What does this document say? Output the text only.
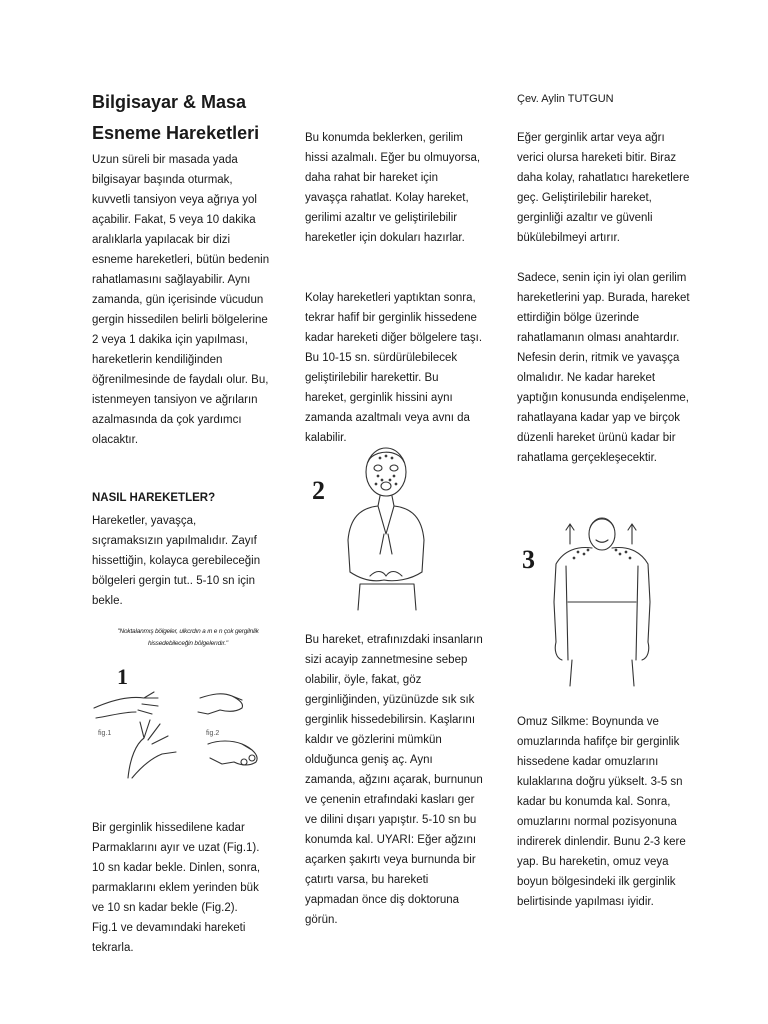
Bilgisayar & Masa
Esneme Hareketleri

Uzun süreli bir masada yada bilgisayar başında oturmak, kuvvetli tansiyon veya ağrıya yol açabilir. Fakat, 5 veya 10 dakika aralıklarla yapılacak bir dizi esneme hareketleri, bütün bedenin rahatlamasını sağlayabilir. Aynı zamanda, gün içerisinde vücudun gergin hissedilen belirli bölgelerine 2 veya 1 dakika için yapılması, hareketlerin kendiliğinden öğrenilmesinde de faydalı olur. Bu, istenmeyen tansiyon ve ağrıların azalmasında da çok yardımcı olacaktır.

NASIL HAREKETLER?

Hareketler, yavaşça, sıçramaksızın yapılmalıdır. Zayıf hissettiğin, kolayca gerebileceğin bölgeleri gergin tut.. 5-10 sn için bekle.

"Noktalanmış bölgeler, ulkcrdın a ın e n çok gergilnlik hissedebileceğin bölgelerıdır."

1

fig.1	fig.2

Bir gerginlik hissedilene kadar Parmaklarını ayır ve uzat (Fig.1). 10 sn kadar bekle. Dinlen, sonra, parmaklarını eklem yerinden bük ve 10 sn kadar bekle (Fig.2). Fig.1 ve devamındaki hareketi tekrarla.

Bu konumda beklerken, gerilim hissi azalmalı. Eğer bu olmuyorsa, daha rahat bir hareket için yavaşça rahatlat. Kolay hareket, gerilimi azaltır ve geliştirilebilir hareketler için dokuları hazırlar.

Kolay hareketleri yaptıktan sonra, tekrar hafif bir gerginlik hissedene kadar hareketi diğer bölgelere taşı. Bu 10-15 sn. sürdürülebilecek geliştirilebilir harekettir. Bu hareket, gerginlik hissini aynı zamanda azaltmalı veya avnı da kalabilir.

2

Bu hareket, etrafınızdaki insanların sizi acayip zannetmesine sebep olabilir, öyle, fakat, göz gerginliğinden, yüzünüzde sık sık gerginlik hissedebilirsin. Kaşlarını kaldır ve gözlerini mümkün olduğunca geniş aç. Aynı zamanda, ağzını açarak, burnunun ve çenenin etrafındaki kasları ger ve dilini dışarı yapıştır. 5-10 sn bu konumda kal. UYARI: Eğer ağzını açarken şakırtı veya burnunda bir çatırtı varsa, bu hareketi yapmadan önce diş doktoruna görün.

Çev. Aylin TUTGUN

Eğer gerginlik artar veya ağrı verici olursa hareketi bitir. Biraz daha kolay, rahatlatıcı hareketlere geç. Geliştirilebilir hareket, gerginliği azaltır ve güvenli bükülebilmeyi artırır.

Sadece, senin için iyi olan gerilim hareketlerini yap. Burada, hareket ettirdiğin bölge üzerinde rahatlamanın olması anahtardır. Nefesin derin, ritmik ve yavaşça olmalıdır. Ne kadar hareket yaptığın konusunda endişelenme, rahatlayana kadar yap ve birçok düzenli hareket ürünü kadar bir rahatlama gerçekleşecektir.

3

Omuz Silkme: Boynunda ve omuzlarında hafifçe bir gerginlik hissedene kadar omuzlarını kulaklarına doğru yükselt. 3-5 sn kadar bu konumda kal. Sonra, omuzlarını normal pozisyonuna indirerek dinlendir. Bunu 2-3 kere yap. Bu hareketin, omuz veya boyun bölgesindeki ilk gerginlik belirtisinde yapılması iyidir.
